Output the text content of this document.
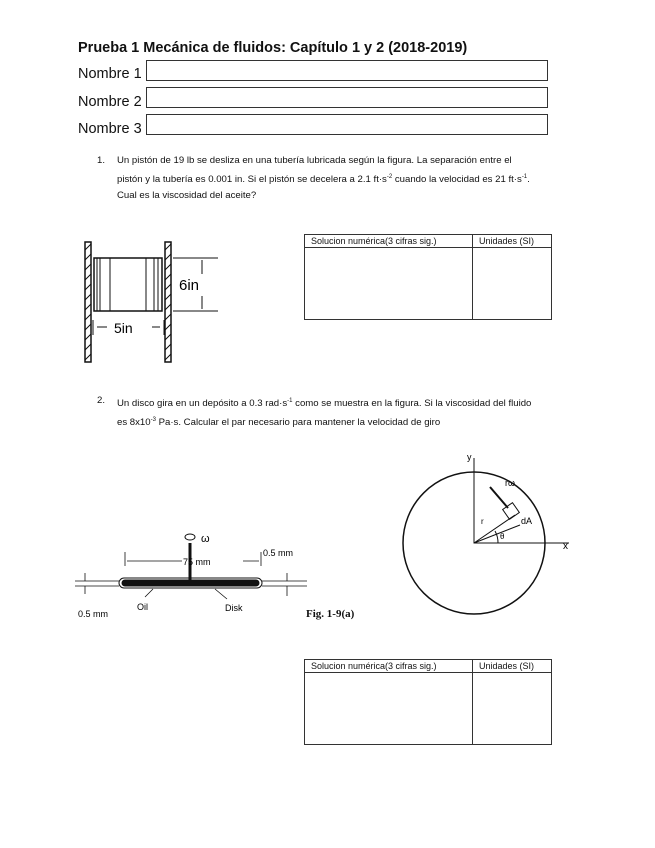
Prueba 1 Mecánica de fluidos: Capítulo 1 y 2 (2018-2019)
Nombre 1
Nombre 2
Nombre 3
1. Un pistón de 19 lb se desliza en una tubería lubricada según la figura. La separación entre el
pistón y la tubería es 0.001 in. Si el pistón se decelera a 2.1 $ft\cdot s^{-2}$ cuando la velocidad es 21 $ft\cdot s^{-1}$.
Cual es la viscosidad del aceite?
6in
5in
Solucion numérica(3 cifras sig.)	Unidades (SI)

2. Un disco gira en un depósito a 0.3 $rad\cdot s^{-1}$ como se muestra en la figura. Si la viscosidad del fluido
es $8x10^{-3}$ Pa·s. Calcular el par necesario para mantener la velocidad de giro
ω
75 mm
0.5 mm
0.5 mm
Oil	Disk	Fig. 1-9(a)
y
x
rω
r	dA
θ
Solucion numérica(3 cifras sig.)	Unidades (SI)
